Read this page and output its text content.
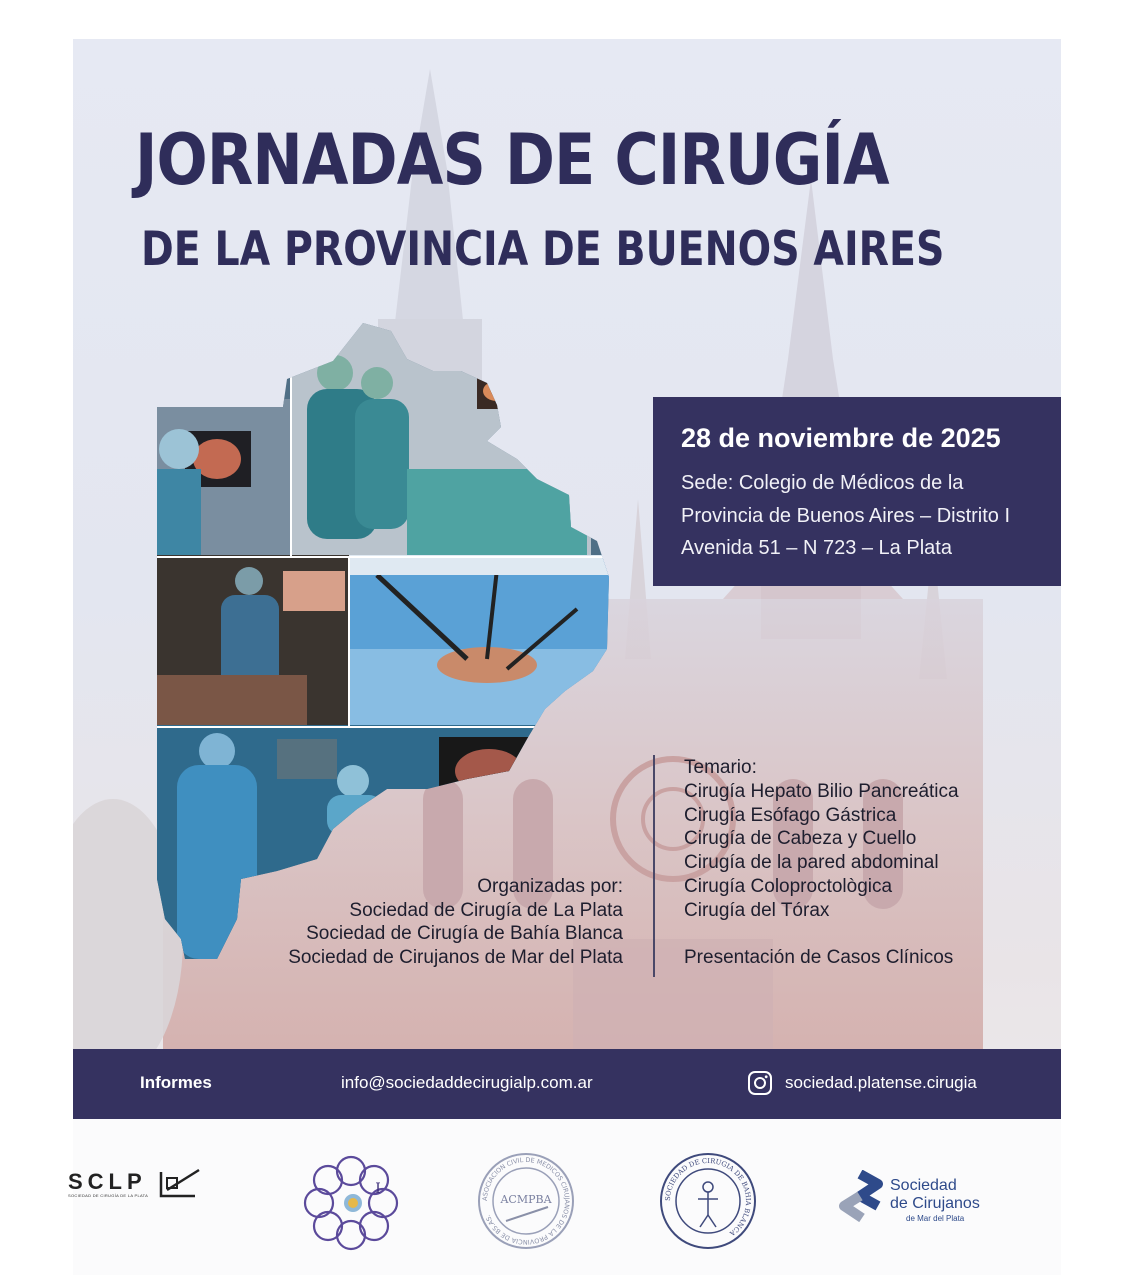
JORNADAS DE CIRUGÍA
DE LA PROVINCIA DE BUENOS AIRES
28 de noviembre de 2025
Sede: Colegio de Médicos de la
Provincia de Buenos Aires – Distrito I
Avenida 51 – N 723 – La Plata
Organizadas por:
Sociedad de Cirugía de La Plata
Sociedad de Cirugía de Bahía Blanca
Sociedad de Cirujanos de Mar del Plata
Temario:
Cirugía Hepato Bilio Pancreática
Cirugía Esófago Gástrica
Cirugía de Cabeza y Cuello
Cirugía de la pared abdominal
Cirugía Coloproctològica
Cirugía del Tórax
Presentación de Casos Clínicos
Informes	info@sociedaddecirugialp.com.ar	sociedad.platense.cirugia
SCLP
SOCIEDAD DE CIRUGÍA DE LA PLATA	I
ASOCIACION CIVIL DE MEDICOS CIRUJANOS DE LA PROVINCIA DE BS.AS.
ACMPBA	SOCIEDAD DE CIRUGIA DE BAHIA BLANCA
Sociedad
de Cirujanos
de Mar del Plata
